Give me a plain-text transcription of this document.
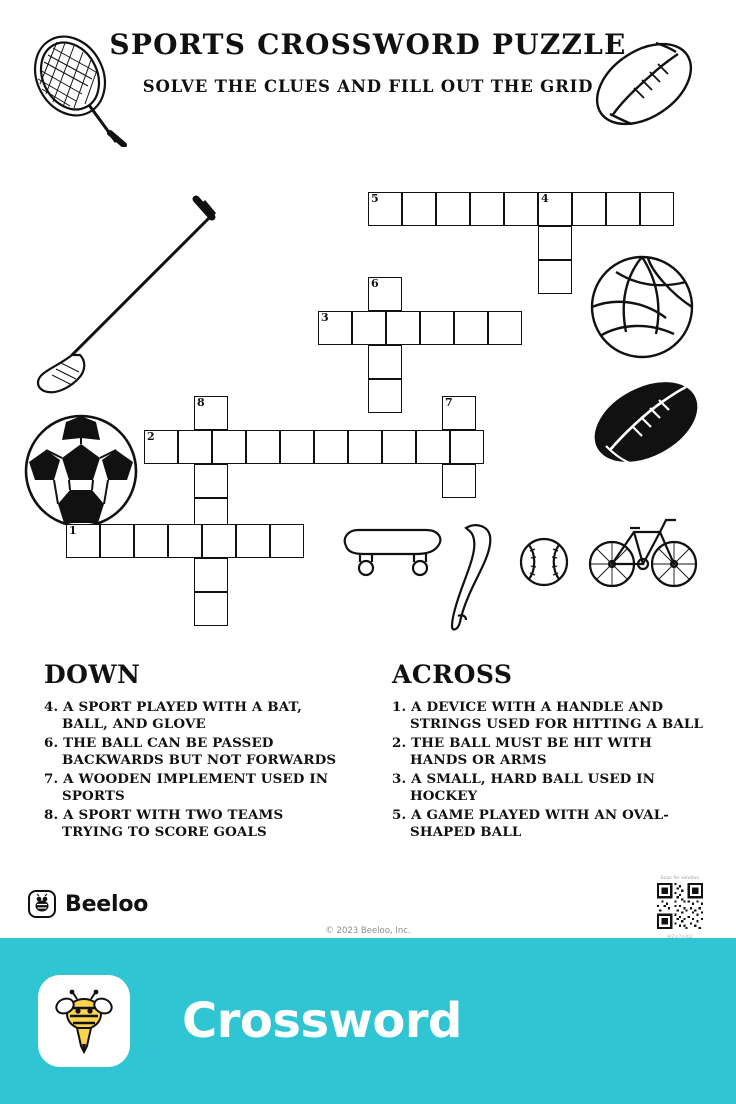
SPORTS CROSSWORD PUZZLE
SOLVE THE CLUES AND FILL OUT THE GRID
5	4
6
3
8	7
2
1
DOWN
4. A SPORT PLAYED WITH A BAT, BALL, AND GLOVE
6. THE BALL CAN BE PASSED BACKWARDS BUT NOT FORWARDS
7. A WOODEN IMPLEMENT USED IN SPORTS
8. A SPORT WITH TWO TEAMS TRYING TO SCORE GOALS
ACROSS
1. A DEVICE WITH A HANDLE AND STRINGS USED FOR HITTING A BALL
2. THE BALL MUST BE HIT WITH HANDS OR ARMS
3. A SMALL, HARD BALL USED IN HOCKEY
5. A GAME PLAYED WITH AN OVAL-SHAPED BALL
Beeloo
© 2023 Beeloo, Inc.
Scan for solution
Crossword
